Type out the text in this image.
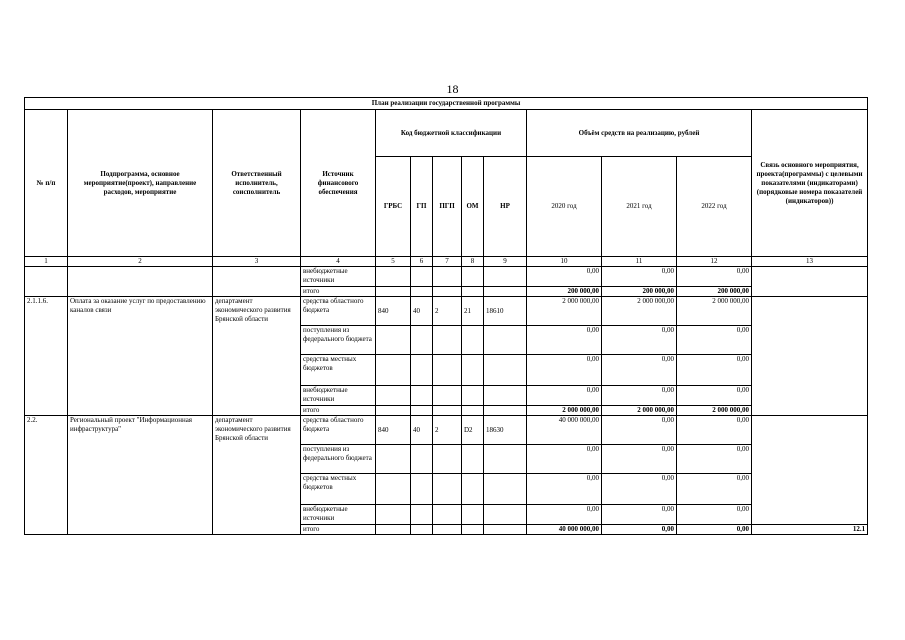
18
План реализации государственной программы												
№ п/п	Подпрограмма, основное мероприятие(проект), направление расходов, мероприятие	Ответственный исполнитель, соисполнитель	Источник финансового обеспечения	Код бюджетной классификации					Объём средств на реализацию, рублей			Связь основного мероприятия, проекта(программы) с целевыми показателями (индикаторами) (порядковые номера показателей (индикаторов))
				ГРБС	ГП	ПГП	ОМ	НР	2020 год	2021 год	2022 год	
1	2	3	4	5	6	7	8	9	10	11	12	13
			внебюджетные источники						0,00	0,00	0,00	
			итого						200 000,00	200 000,00	200 000,00	
2.1.1.6.	Оплата за оказание услуг по предоставлению каналов связи	департамент экономического развития Брянской области	средства областного бюджета	840	40	2	21	18610	2 000 000,00	2 000 000,00	2 000 000,00	
			поступления из федерального бюджета						0,00	0,00	0,00	
			средства местных бюджетов						0,00	0,00	0,00	
			внебюджетные источники						0,00	0,00	0,00	
			итого						2 000 000,00	2 000 000,00	2 000 000,00	
2.2.	Региональный проект "Информационная инфраструктура"	департамент экономического развития Брянской области	средства областного бюджета	840	40	2	D2	18630	40 000 000,00	0,00	0,00	
			поступления из федерального бюджета						0,00	0,00	0,00	
			средства местных бюджетов						0,00	0,00	0,00	
			внебюджетные источники						0,00	0,00	0,00	
			итого						40 000 000,00	0,00	0,00	12.1
